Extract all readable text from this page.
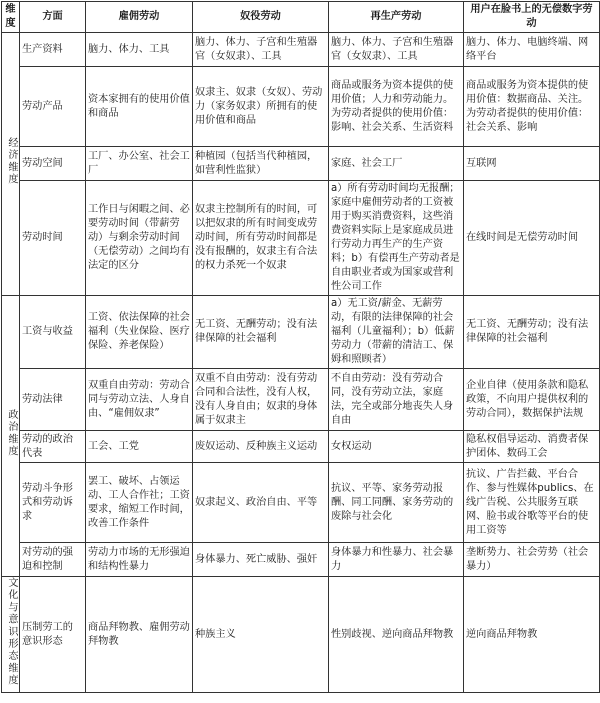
维度	方面	雇佣劳动	奴役劳动	再生产劳动	用户在脸书上的无偿数字劳动
经济维度	生产资料	脑力、体力、工具	脑力、体力、子宫和生殖器官（女奴隶）、工具	脑力、体力、子宫和生殖器官（女奴隶）、工具	脑力、体力、电脑终端、网络平台
	劳动产品	资本家拥有的使用价值和商品	奴隶主、奴隶（女奴）、劳动力（家务奴隶）所拥有的使用价值和商品	商品或服务为资本提供的使用价值；人力和劳动能力。为劳动者提供的使用价值：影响、社会关系、生活资料	商品或服务为资本提供的使用价值：数据商品、关注。为劳动者提供的使用价值：社会关系、影响
	劳动空间	工厂、办公室、社会工厂	种植园（包括当代种植园，如营利性监狱）	家庭、社会工厂	互联网
	劳动时间	工作日与闲暇之间、必要劳动时间（带薪劳动）与剩余劳动时间（无偿劳动）之间均有法定的区分	奴隶主控制所有的时间，可以把奴隶的所有时间变成劳动时间，所有劳动时间都是没有报酬的，奴隶主有合法的权力杀死一个奴隶	a）所有劳动时间均无报酬；家庭中雇佣劳动者的工资被用于购买消费资料，这些消费资料实际上是家庭成员进行劳动力再生产的生产资料；b）有偿再生产劳动者是自由职业者或为国家或营利性公司工作	在线时间是无偿劳动时间
政治维度	工资与收益	工资、依法保障的社会福利（失业保险、医疗保险、养老保险）	无工资、无酬劳动；没有法律保障的社会福利	a）无工资/薪金、无薪劳动，有限的法律保障的社会福利（儿童福利）；b）低薪劳动力（带薪的清洁工、保姆和照顾者）	无工资、无酬劳动；没有法律保障的社会福利
	劳动法律	双重自由劳动：劳动合同与劳动立法、人身自由、“雇佣奴隶”	双重不自由劳动：没有劳动合同和合法性，没有人权，没有人身自由；奴隶的身体属于奴隶主	不自由劳动：没有劳动合同，没有劳动立法，家庭法，完全或部分地丧失人身自由	企业自律（使用条款和隐私政策，不向用户提供权利的劳动合同），数据保护法规
	劳动的政治代表	工会、工党	废奴运动、反种族主义运动	女权运动	隐私权倡导运动、消费者保护团体、数码工会
	劳动斗争形式和劳动诉求	罢工、破坏、占领运动、工人合作社；工资要求，缩短工作时间，改善工作条件	奴隶起义、政治自由、平等	抗议、平等、家务劳动报酬、同工同酬、家务劳动的废除与社会化	抗议、广告拦截、平台合作、参与性媒体publics、在线广告税、公共服务互联网、脸书或谷歌等平台的使用工资等
	对劳动的强迫和控制	劳动力市场的无形强迫和结构性暴力	身体暴力、死亡威胁、强奸	身体暴力和性暴力、社会暴力	垄断势力、社会劳势（社会暴力）
文化与意识形态维度	压制劳工的意识形态	商品拜物教、雇佣劳动拜物教	种族主义	性别歧视、逆向商品拜物教	逆向商品拜物教
